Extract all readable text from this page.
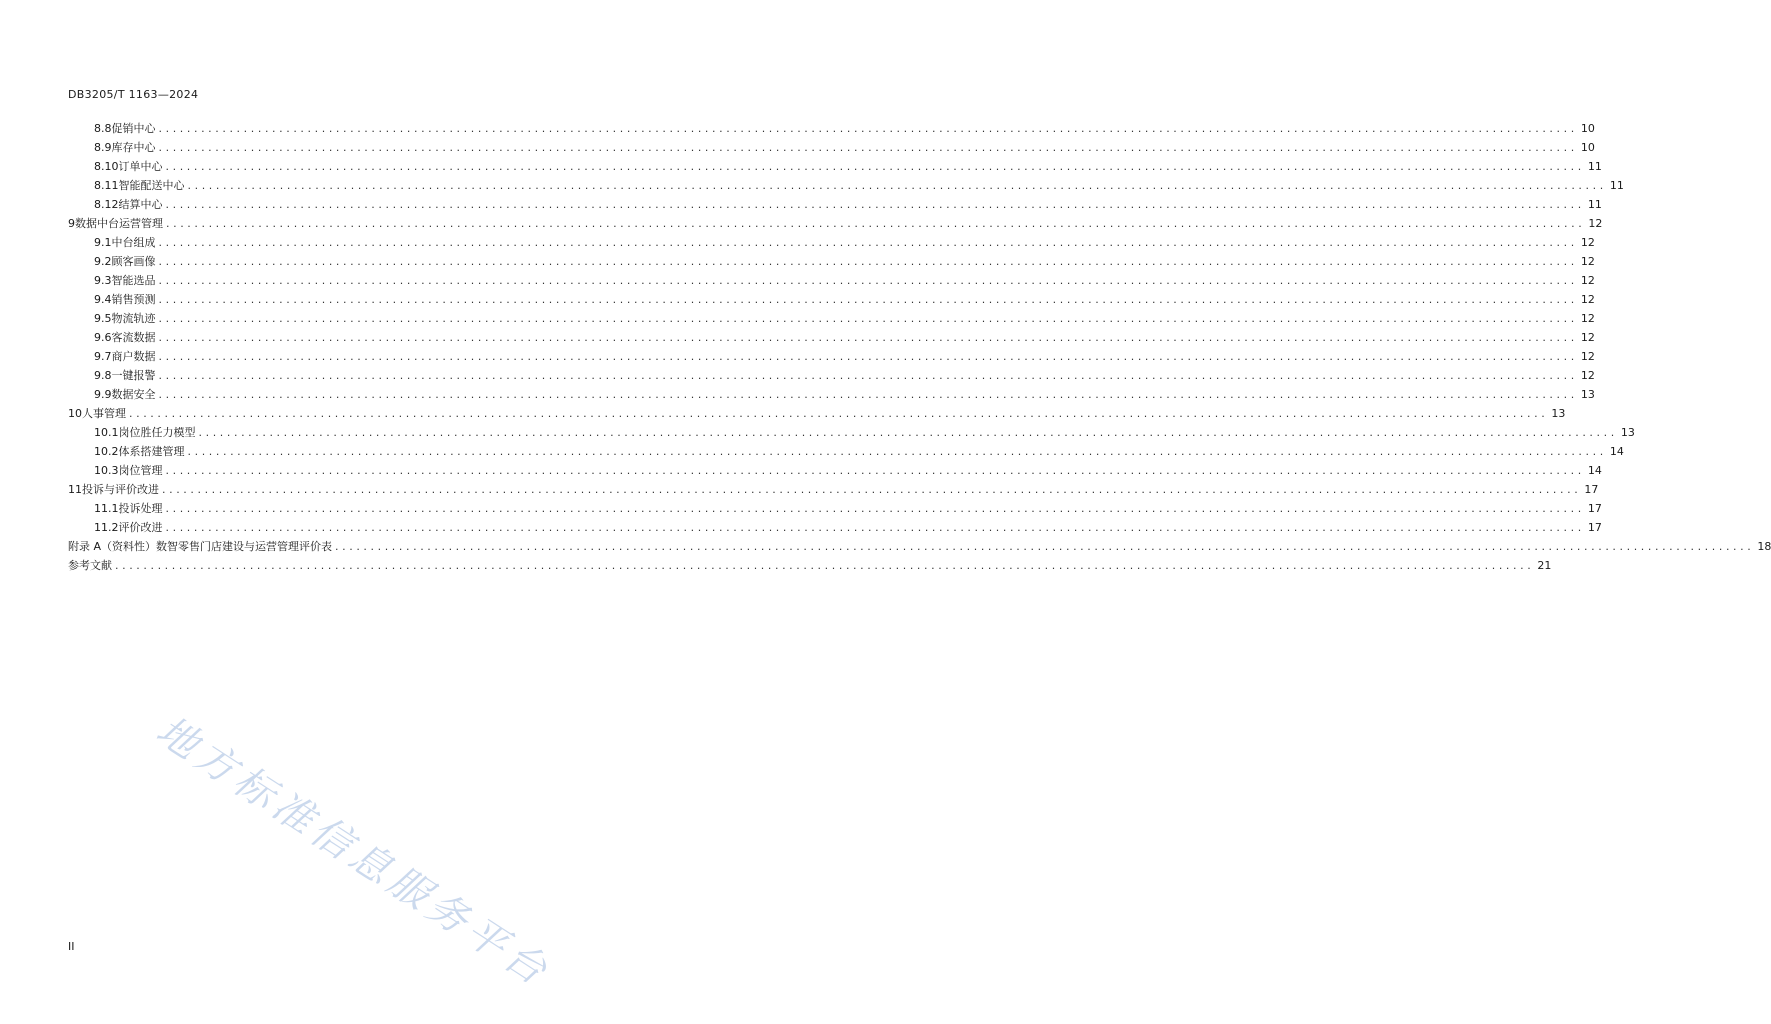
DB3205/T 1163—2024
8.8 促销中心 ........................................................................................................................................................................................................ 10
8.9 库存中心 ........................................................................................................................................................................................................ 10
8.10 订单中心 ........................................................................................................................................................................................................ 11
8.11 智能配送中心 ........................................................................................................................................................................................................ 11
8.12 结算中心 ........................................................................................................................................................................................................ 11
9 数据中台运营管理 ........................................................................................................................................................................................................ 12
9.1 中台组成 ........................................................................................................................................................................................................ 12
9.2 顾客画像 ........................................................................................................................................................................................................ 12
9.3 智能选品 ........................................................................................................................................................................................................ 12
9.4 销售预测 ........................................................................................................................................................................................................ 12
9.5 物流轨迹 ........................................................................................................................................................................................................ 12
9.6 客流数据 ........................................................................................................................................................................................................ 12
9.7 商户数据 ........................................................................................................................................................................................................ 12
9.8 一键报警 ........................................................................................................................................................................................................ 12
9.9 数据安全 ........................................................................................................................................................................................................ 13
10 人事管理 ........................................................................................................................................................................................................ 13
10.1 岗位胜任力模型 ........................................................................................................................................................................................................ 13
10.2 体系搭建管理 ........................................................................................................................................................................................................ 14
10.3 岗位管理 ........................................................................................................................................................................................................ 14
11 投诉与评价改进 ........................................................................................................................................................................................................ 17
11.1 投诉处理 ........................................................................................................................................................................................................ 17
11.2 评价改进 ........................................................................................................................................................................................................ 17
附录 A（资料性） 数智零售门店建设与运营管理评价表 ........................................................................................................................................................................................................ 18
参考文献 ........................................................................................................................................................................................................ 21
地方标准信息服务平台
II
